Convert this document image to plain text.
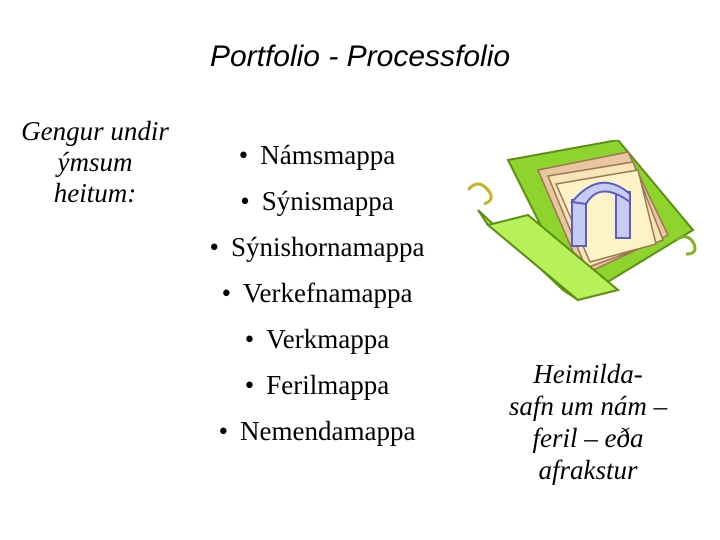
Portfolio - Processfolio
Gengur undir
ýmsum
heitum:
• Námsmappa
• Sýnismappa
• Sýnishornamappa
• Verkefnamappa
• Verkmappa
• Ferilmappa
• Nemendamappa
Heimilda-
safn um nám –
feril – eða
afrakstur
